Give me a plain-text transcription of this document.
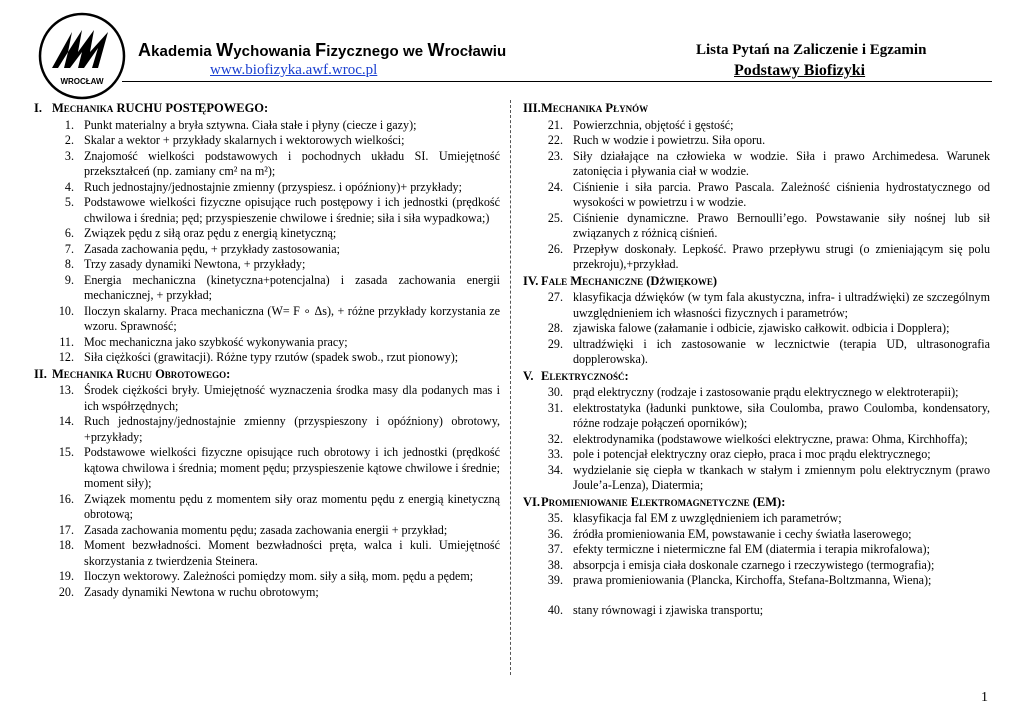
WROCŁAW
Akademia Wychowania Fizycznego we Wrocławiu
www.biofizyka.awf.wroc.pl
Lista Pytań na Zaliczenie i Egzamin
Podstawy Biofizyki
I.Mechanika RUCHU POSTĘPOWEGO:
1. Punkt materialny a bryła sztywna. Ciała stałe i płyny (ciecze i gazy);
2. Skalar a wektor + przykłady skalarnych i wektorowych wielkości;
3. Znajomość wielkości podstawowych i pochodnych układu SI. Umiejętność przekształceń (np. zamiany cm² na m²);
4. Ruch jednostajny/jednostajnie zmienny (przyspiesz. i opóźniony)+ przykłady;
5. Podstawowe wielkości fizyczne opisujące ruch postępowy i ich jednostki (prędkość chwilowa i średnia; pęd; przyspieszenie chwilowe i średnie; siła i siła wypadkowa;)
6. Związek pędu z siłą oraz pędu z energią kinetyczną;
7. Zasada zachowania pędu, + przykłady zastosowania;
8. Trzy zasady dynamiki Newtona, + przykłady;
9. Energia mechaniczna (kinetyczna+potencjalna) i zasada zachowania energii mechanicznej, + przykład;
10. Iloczyn skalarny. Praca mechaniczna (W= F ∘ Δs), + różne przykłady korzystania ze wzoru. Sprawność;
11. Moc mechaniczna jako szybkość wykonywania pracy;
12. Siła ciężkości (grawitacji). Różne typy rzutów (spadek swob., rzut pionowy);
II.Mechanika Ruchu Obrotowego:
13. Środek ciężkości bryły. Umiejętność wyznaczenia środka masy dla podanych mas i ich współrzędnych;
14. Ruch jednostajny/jednostajnie zmienny (przyspieszony i opóźniony) obrotowy, +przykłady;
15. Podstawowe wielkości fizyczne opisujące ruch obrotowy i ich jednostki (prędkość kątowa chwilowa i średnia; moment pędu; przyspieszenie kątowe chwilowe i średnie; moment siły);
16. Związek momentu pędu z momentem siły oraz momentu pędu z energią kinetyczną obrotową;
17. Zasada zachowania momentu pędu; zasada zachowania energii + przykład;
18. Moment bezwładności. Moment bezwładności pręta, walca i kuli. Umiejętność skorzystania z twierdzenia Steinera.
19. Iloczyn wektorowy. Zależności pomiędzy mom. siły a siłą, mom. pędu a pędem;
20. Zasady dynamiki Newtona w ruchu obrotowym;
III.Mechanika Płynów
21. Powierzchnia, objętość i gęstość;
22. Ruch w wodzie i powietrzu. Siła oporu.
23. Siły działające na człowieka w wodzie. Siła i prawo Archimedesa. Warunek zatonięcia i pływania ciał w wodzie.
24. Ciśnienie i siła parcia. Prawo Pascala. Zależność ciśnienia hydrostatycznego od wysokości w powietrzu i w wodzie.
25. Ciśnienie dynamiczne. Prawo Bernoulli’ego. Powstawanie siły nośnej lub sił związanych z różnicą ciśnień.
26. Przepływ doskonały. Lepkość. Prawo przepływu strugi (o zmieniającym się polu przekroju),+przykład.
IV.Fale Mechaniczne (Dźwiękowe)
27. klasyfikacja dźwięków (w tym fala akustyczna, infra- i ultradźwięki) ze szczególnym uwzględnieniem ich własności fizycznych i parametrów;
28. zjawiska falowe (załamanie i odbicie, zjawisko całkowit. odbicia i Dopplera);
29. ultradźwięki i ich zastosowanie w lecznictwie (terapia UD, ultrasonografia dopplerowska).
V.Elektryczność:
30. prąd elektryczny (rodzaje i zastosowanie prądu elektrycznego w elektroterapii);
31. elektrostatyka (ładunki punktowe, siła Coulomba, prawo Coulomba, kondensatory, różne rodzaje połączeń oporników);
32. elektrodynamika (podstawowe wielkości elektryczne, prawa: Ohma, Kirchhoffa);
33. pole i potencjał elektryczny oraz ciepło, praca i moc prądu elektrycznego;
34. wydzielanie się ciepła w tkankach w stałym i zmiennym polu elektrycznym (prawo Joule’a-Lenza), Diatermia;
VI.Promieniowanie Elektromagnetyczne (EM):
35. klasyfikacja fal EM z uwzględnieniem ich parametrów;
36. źródła promieniowania EM, powstawanie i cechy światła laserowego;
37. efekty termiczne i nietermiczne fal EM (diatermia i terapia mikrofalowa);
38. absorpcja i emisja ciała doskonale czarnego i rzeczywistego (termografia);
39. prawa promieniowania (Plancka, Kirchoffa, Stefana-Boltzmanna, Wiena);
40. stany równowagi i zjawiska transportu;
1
